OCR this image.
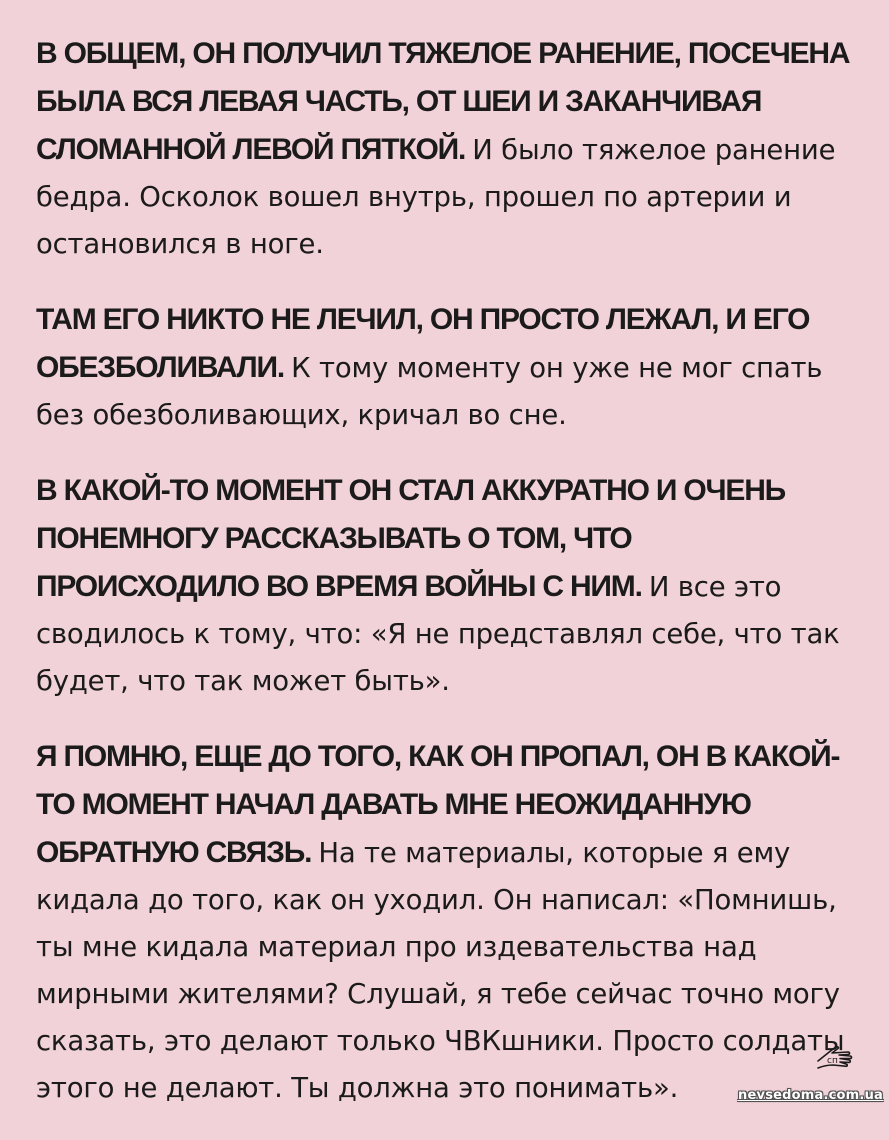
В ОБЩЕМ, ОН ПОЛУЧИЛ ТЯЖЕЛОЕ РАНЕНИЕ, ПОСЕЧЕНА БЫЛА ВСЯ ЛЕВАЯ ЧАСТЬ, ОТ ШЕИ И ЗАКАНЧИВАЯ СЛОМАННОЙ ЛЕВОЙ ПЯТКОЙ. И было тяжелое ранение бедра. Осколок вошел внутрь, прошел по артерии и остановился в ноге.

ТАМ ЕГО НИКТО НЕ ЛЕЧИЛ, ОН ПРОСТО ЛЕЖАЛ, И ЕГО ОБЕЗБОЛИВАЛИ. К тому моменту он уже не мог спать без обезболивающих, кричал во сне.

В КАКОЙ-ТО МОМЕНТ ОН СТАЛ АККУРАТНО И ОЧЕНЬ ПОНЕМНОГУ РАССКАЗЫВАТЬ О ТОМ, ЧТО ПРОИСХОДИЛО ВО ВРЕМЯ ВОЙНЫ С НИМ. И все это сводилось к тому, что: «Я не представлял себе, что так будет, что так может быть».

Я ПОМНЮ, ЕЩЕ ДО ТОГО, КАК ОН ПРОПАЛ, ОН В КАКОЙ-ТО МОМЕНТ НАЧАЛ ДАВАТЬ МНЕ НЕОЖИДАННУЮ ОБРАТНУЮ СВЯЗЬ. На те материалы, которые я ему кидала до того, как он уходил. Он написал: «Помнишь, ты мне кидала материал про издевательства над мирными жителями? Слушай, я тебе сейчас точно могу сказать, это делают только ЧВКшники. Просто солдаты этого не делают. Ты должна это понимать».

сп
nevsedoma.com.ua
